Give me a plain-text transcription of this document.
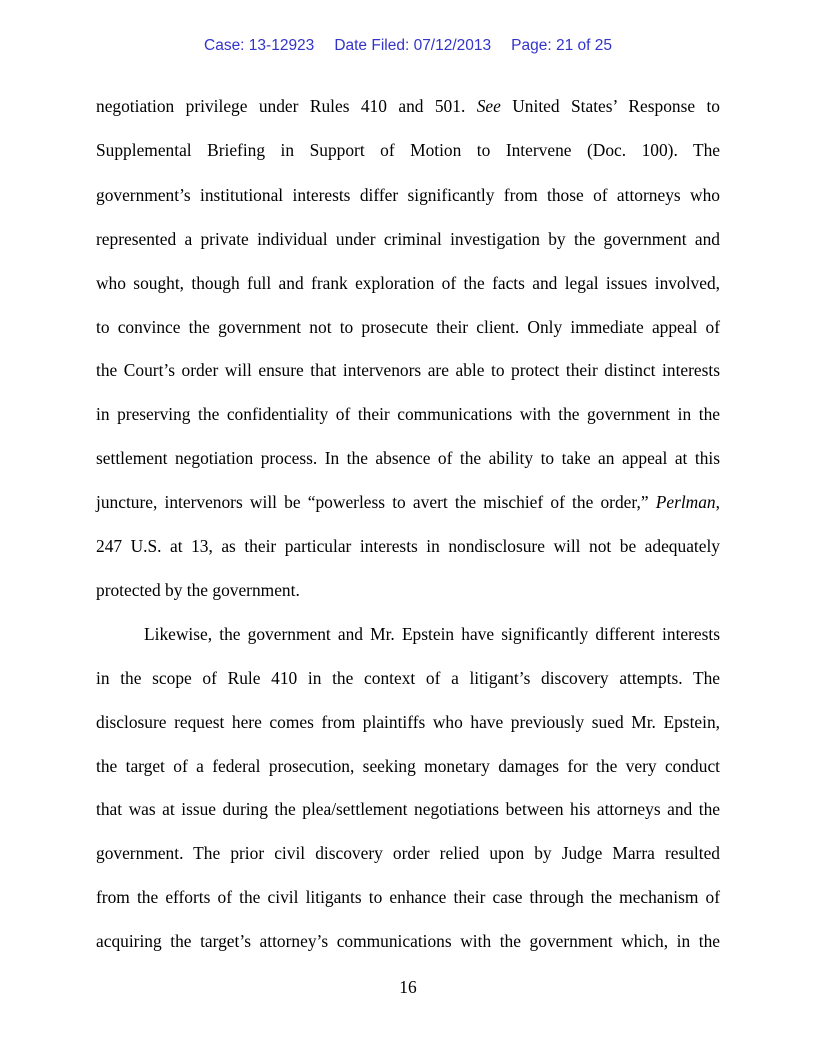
Case: 13-12923 Date Filed: 07/12/2013 Page: 21 of 25
negotiation privilege under Rules 410 and 501. See United States’ Response to
Supplemental Briefing in Support of Motion to Intervene (Doc. 100). The
government’s institutional interests differ significantly from those of attorneys who
represented a private individual under criminal investigation by the government and
who sought, though full and frank exploration of the facts and legal issues involved,
to convince the government not to prosecute their client. Only immediate appeal of
the Court’s order will ensure that intervenors are able to protect their distinct interests
in preserving the confidentiality of their communications with the government in the
settlement negotiation process. In the absence of the ability to take an appeal at this
juncture, intervenors will be “powerless to avert the mischief of the order,” Perlman,
247 U.S. at 13, as their particular interests in nondisclosure will not be adequately
protected by the government.
Likewise, the government and Mr. Epstein have significantly different interests
in the scope of Rule 410 in the context of a litigant’s discovery attempts. The
disclosure request here comes from plaintiffs who have previously sued Mr. Epstein,
the target of a federal prosecution, seeking monetary damages for the very conduct
that was at issue during the plea/settlement negotiations between his attorneys and the
government. The prior civil discovery order relied upon by Judge Marra resulted
from the efforts of the civil litigants to enhance their case through the mechanism of
acquiring the target’s attorney’s communications with the government which, in the
16
